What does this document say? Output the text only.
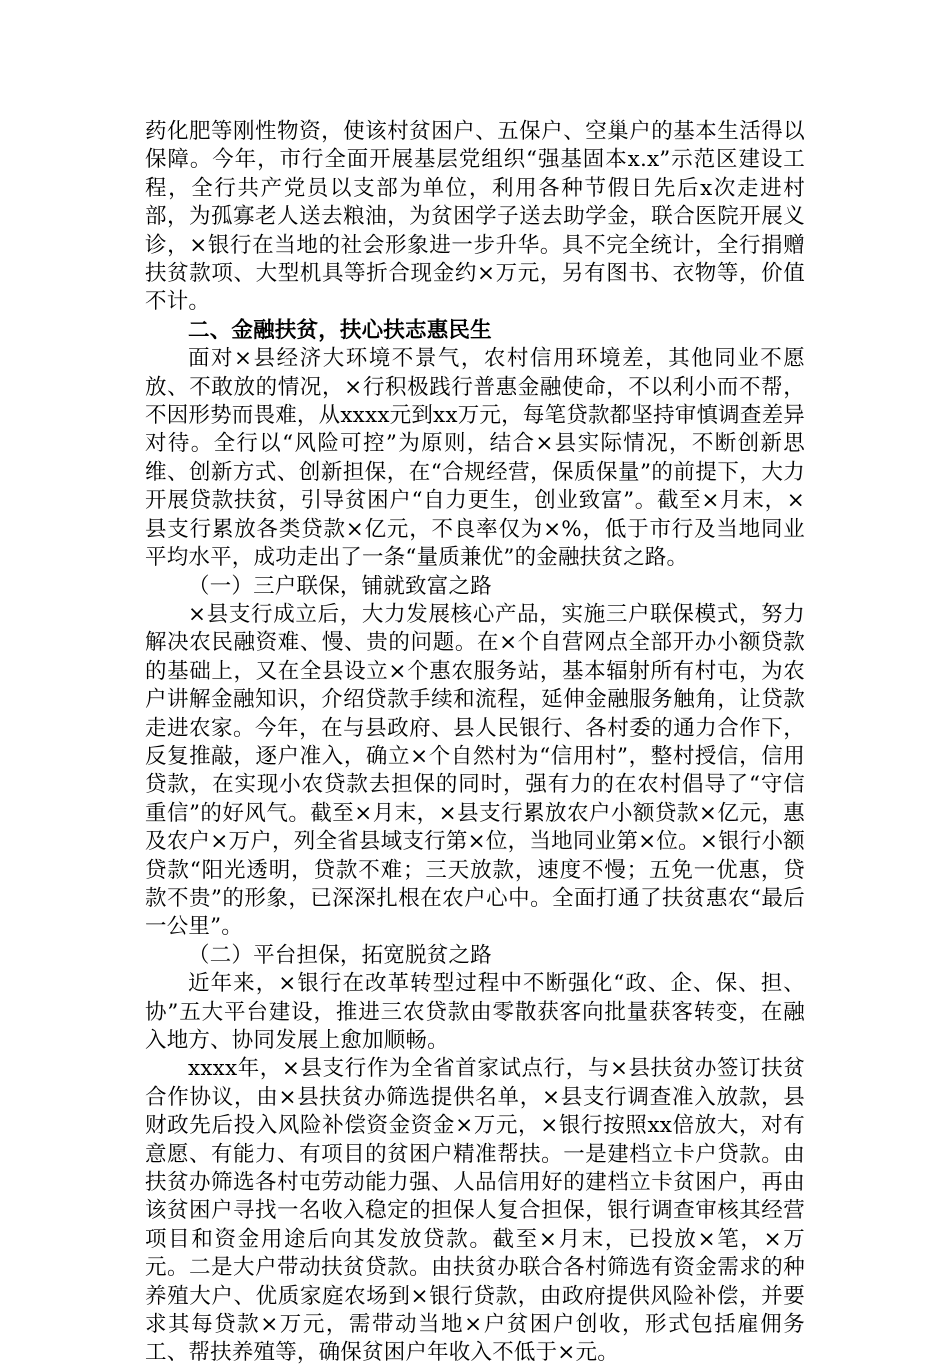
药化肥等刚性物资，使该村贫困户、五保户、空巢户的基本生活得以保障。今年，市行全面开展基层党组织“强基固本x.x”示范区建设工程，全行共产党员以支部为单位，利用各种节假日先后x次走进村部，为孤寡老人送去粮油，为贫困学子送去助学金，联合医院开展义诊，×银行在当地的社会形象进一步升华。具不完全统计，全行捐赠扶贫款项、大型机具等折合现金约×万元，另有图书、衣物等，价值不计。

二、金融扶贫，扶心扶志惠民生

面对×县经济大环境不景气，农村信用环境差，其他同业不愿放、不敢放的情况，×行积极践行普惠金融使命，不以利小而不帮，不因形势而畏难，从xxxx元到xx万元，每笔贷款都坚持审慎调查差异对待。全行以“风险可控”为原则，结合×县实际情况，不断创新思维、创新方式、创新担保，在“合规经营，保质保量”的前提下，大力开展贷款扶贫，引导贫困户“自力更生，创业致富”。截至×月末，×县支行累放各类贷款×亿元，不良率仅为×%，低于市行及当地同业平均水平，成功走出了一条“量质兼优”的金融扶贫之路。

（一）三户联保，铺就致富之路

×县支行成立后，大力发展核心产品，实施三户联保模式，努力解决农民融资难、慢、贵的问题。在×个自营网点全部开办小额贷款的基础上，又在全县设立×个惠农服务站，基本辐射所有村屯，为农户讲解金融知识，介绍贷款手续和流程，延伸金融服务触角，让贷款走进农家。今年，在与县政府、县人民银行、各村委的通力合作下，反复推敲，逐户准入，确立×个自然村为“信用村”，整村授信，信用贷款，在实现小农贷款去担保的同时，强有力的在农村倡导了“守信重信”的好风气。截至×月末，×县支行累放农户小额贷款×亿元，惠及农户×万户，列全省县域支行第×位，当地同业第×位。×银行小额贷款“阳光透明，贷款不难；三天放款，速度不慢；五免一优惠，贷款不贵”的形象，已深深扎根在农户心中。全面打通了扶贫惠农“最后一公里”。

（二）平台担保，拓宽脱贫之路

近年来，×银行在改革转型过程中不断强化“政、企、保、担、协”五大平台建设，推进三农贷款由零散获客向批量获客转变，在融入地方、协同发展上愈加顺畅。

xxxx年，×县支行作为全省首家试点行，与×县扶贫办签订扶贫合作协议，由×县扶贫办筛选提供名单，×县支行调查准入放款，县财政先后投入风险补偿资金资金×万元，×银行按照xx倍放大，对有意愿、有能力、有项目的贫困户精准帮扶。一是建档立卡户贷款。由扶贫办筛选各村屯劳动能力强、人品信用好的建档立卡贫困户，再由该贫困户寻找一名收入稳定的担保人复合担保，银行调查审核其经营项目和资金用途后向其发放贷款。截至×月末，已投放×笔，×万元。二是大户带动扶贫贷款。由扶贫办联合各村筛选有资金需求的种养殖大户、优质家庭农场到×银行贷款，由政府提供风险补偿，并要求其每贷款×万元，需带动当地×户贫困户创收，形式包括雇佣务工、帮扶养殖等，确保贫困户年收入不低于×元。
